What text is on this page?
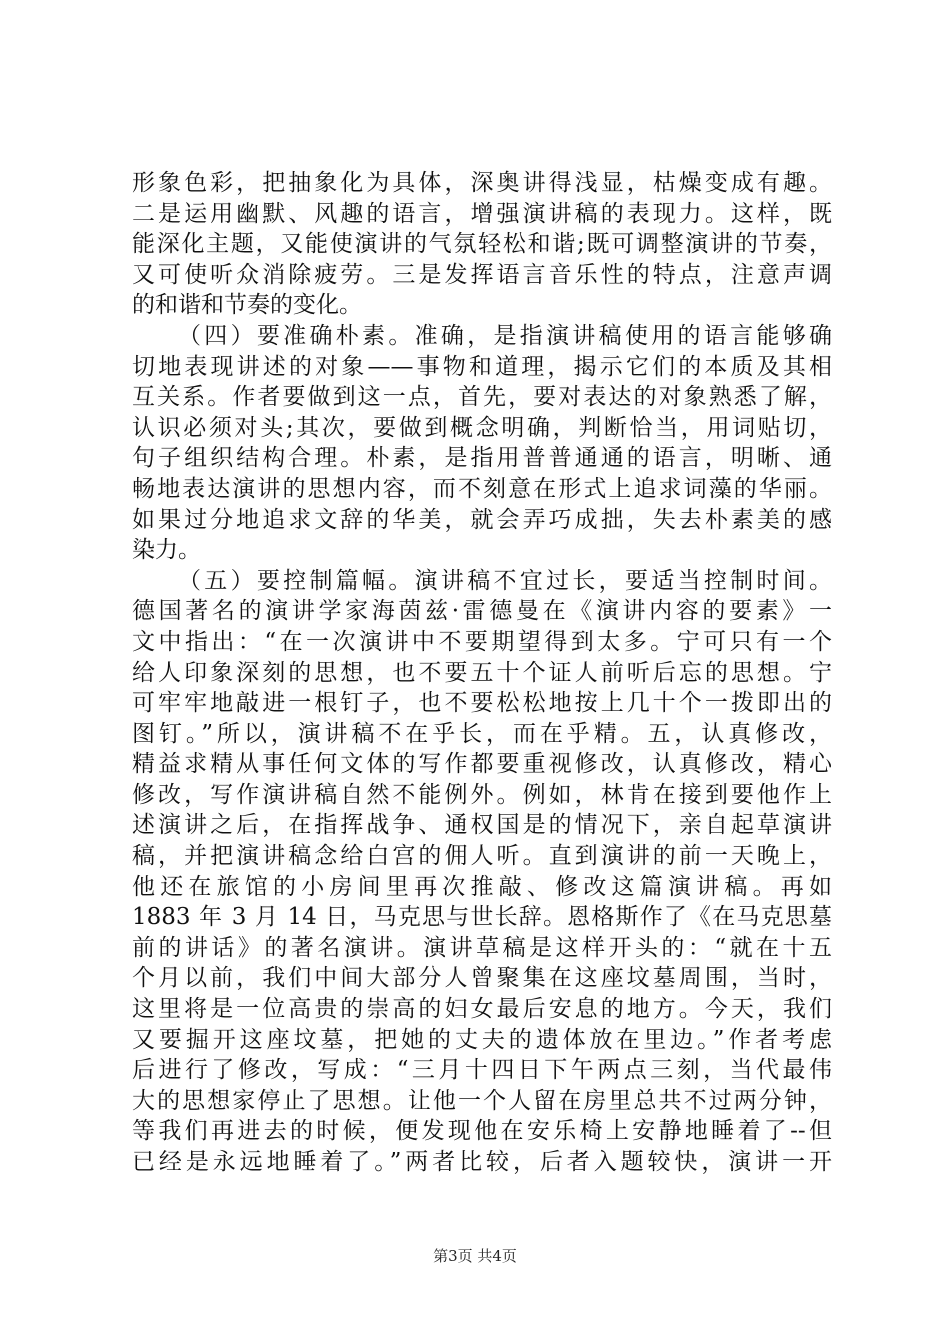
形象色彩，把抽象化为具体，深奥讲得浅显，枯燥变成有趣。
二是运用幽默、风趣的语言，增强演讲稿的表现力。这样，既
能深化主题，又能使演讲的气氛轻松和谐;既可调整演讲的节奏，
又可使听众消除疲劳。三是发挥语言音乐性的特点，注意声调
的和谐和节奏的变化。
（四）要准确朴素。准确，是指演讲稿使用的语言能够确
切地表现讲述的对象——事物和道理，揭示它们的本质及其相
互关系。作者要做到这一点，首先，要对表达的对象熟悉了解，
认识必须对头;其次，要做到概念明确，判断恰当，用词贴切，
句子组织结构合理。朴素，是指用普普通通的语言，明晰、通
畅地表达演讲的思想内容，而不刻意在形式上追求词藻的华丽。
如果过分地追求文辞的华美，就会弄巧成拙，失去朴素美的感
染力。
（五）要控制篇幅。演讲稿不宜过长，要适当控制时间。
德国著名的演讲学家海茵兹·雷德曼在《演讲内容的要素》一
文中指出：“在一次演讲中不要期望得到太多。宁可只有一个
给人印象深刻的思想，也不要五十个证人前听后忘的思想。宁
可牢牢地敲进一根钉子，也不要松松地按上几十个一拨即出的
图钉。”所以，演讲稿不在乎长，而在乎精。五，认真修改，
精益求精从事任何文体的写作都要重视修改，认真修改，精心
修改，写作演讲稿自然不能例外。例如，林肯在接到要他作上
述演讲之后，在指挥战争、通权国是的情况下，亲自起草演讲
稿，并把演讲稿念给白宫的佣人听。直到演讲的前一天晚上，
他还在旅馆的小房间里再次推敲、修改这篇演讲稿。再如
1883 年 3 月 14 日，马克思与世长辞。恩格斯作了《在马克思墓
前的讲话》的著名演讲。演讲草稿是这样开头的：“就在十五
个月以前，我们中间大部分人曾聚集在这座坟墓周围，当时，
这里将是一位高贵的崇高的妇女最后安息的地方。今天，我们
又要掘开这座坟墓，把她的丈夫的遗体放在里边。”作者考虑
后进行了修改，写成：“三月十四日下午两点三刻，当代最伟
大的思想家停止了思想。让他一个人留在房里总共不过两分钟，
等我们再进去的时候，便发现他在安乐椅上安静地睡着了--但
已经是永远地睡着了。”两者比较，后者入题较快，演讲一开
第3页 共4页
